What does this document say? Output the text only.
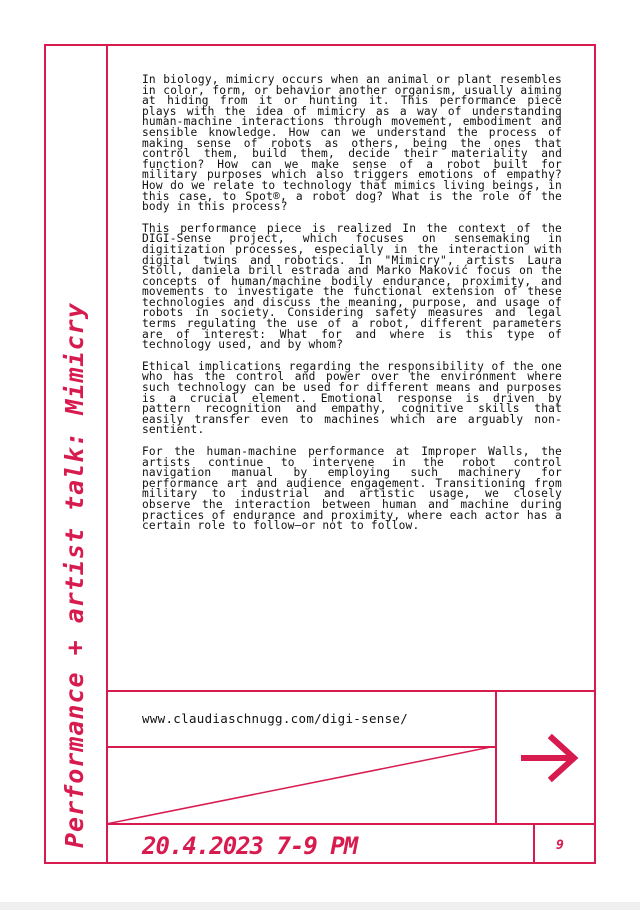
Performance + artist talk: Mimicry

In biology, mimicry occurs when an animal or plant resembles in color, form, or behavior another organism, usually aiming at hiding from it or hunting it. This performance piece plays with the idea of mimicry as a way of understanding human-machine interactions through movement, embodiment and sensible knowledge. How can we understand the process of making sense of robots as others, being the ones that control them, build them, decide their materiality and function? How can we make sense of a robot built for military purposes which also triggers emotions of empathy? How do we relate to technology that mimics living beings, in this case, to Spot®, a robot dog? What is the role of the body in this process?

This performance piece is realized In the context of the DIGI-Sense project, which focuses on sensemaking in digitization processes, especially in the interaction with digital twins and robotics. In "Mimicry", artists Laura Stoll, daniela brill estrada and Marko Maković focus on the concepts of human/machine bodily endurance, proximity, and movements to investigate the functional extension of these technologies and discuss the meaning, purpose, and usage of robots in society. Considering safety measures and legal terms regulating the use of a robot, different parameters are of interest: What for and where is this type of technology used, and by whom?

Ethical implications regarding the responsibility of the one who has the control and power over the environment where such technology can be used for different means and purposes is a crucial element. Emotional response is driven by pattern recognition and empathy, cognitive skills that easily transfer even to machines which are arguably non-sentient.

For the human-machine performance at Improper Walls, the artists continue to intervene in the robot control navigation manual by employing such machinery for performance art and audience engagement. Transitioning from military to industrial and artistic usage, we closely observe the interaction between human and machine during practices of endurance and proximity, where each actor has a certain role to follow—or not to follow.

www.claudiaschnugg.com/digi-sense/
20.4.2023 7-9 PM	9
